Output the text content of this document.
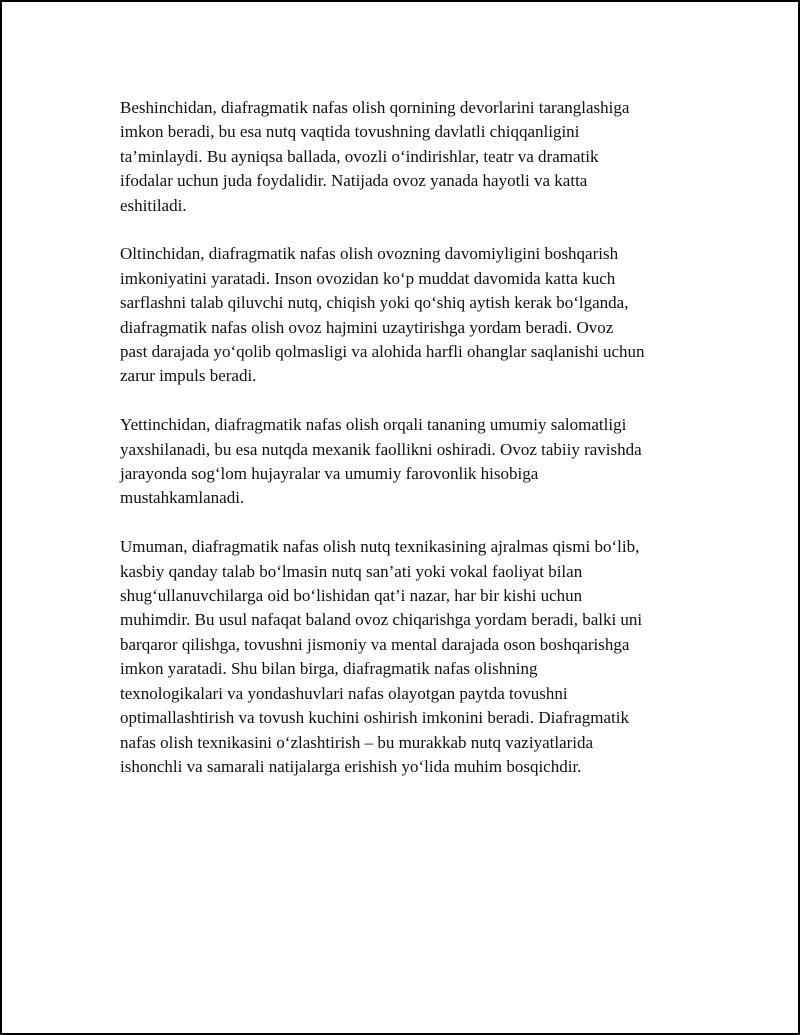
Beshinchidan, diafragmatik nafas olish qornining devorlarini taranglashiga
imkon beradi, bu esa nutq vaqtida tovushning davlatli chiqqanligini
ta’minlaydi. Bu ayniqsa ballada, ovozli o‘indirishlar, teatr va dramatik
ifodalar uchun juda foydalidir. Natijada ovoz yanada hayotli va katta
eshitiladi.

Oltinchidan, diafragmatik nafas olish ovozning davomiyligini boshqarish
imkoniyatini yaratadi. Inson ovozidan ko‘p muddat davomida katta kuch
sarflashni talab qiluvchi nutq, chiqish yoki qo‘shiq aytish kerak bo‘lganda,
diafragmatik nafas olish ovoz hajmini uzaytirishga yordam beradi. Ovoz
past darajada yo‘qolib qolmasligi va alohida harfli ohanglar saqlanishi uchun
zarur impuls beradi.

Yettinchidan, diafragmatik nafas olish orqali tananing umumiy salomatligi
yaxshilanadi, bu esa nutqda mexanik faollikni oshiradi. Ovoz tabiiy ravishda
jarayonda sog‘lom hujayralar va umumiy farovonlik hisobiga
mustahkamlanadi.

Umuman, diafragmatik nafas olish nutq texnikasining ajralmas qismi bo‘lib,
kasbiy qanday talab bo‘lmasin nutq san’ati yoki vokal faoliyat bilan
shug‘ullanuvchilarga oid bo‘lishidan qat’i nazar, har bir kishi uchun
muhimdir. Bu usul nafaqat baland ovoz chiqarishga yordam beradi, balki uni
barqaror qilishga, tovushni jismoniy va mental darajada oson boshqarishga
imkon yaratadi. Shu bilan birga, diafragmatik nafas olishning
texnologikalari va yondashuvlari nafas olayotgan paytda tovushni
optimallashtirish va tovush kuchini oshirish imkonini beradi. Diafragmatik
nafas olish texnikasini o‘zlashtirish – bu murakkab nutq vaziyatlarida
ishonchli va samarali natijalarga erishish yo‘lida muhim bosqichdir.
